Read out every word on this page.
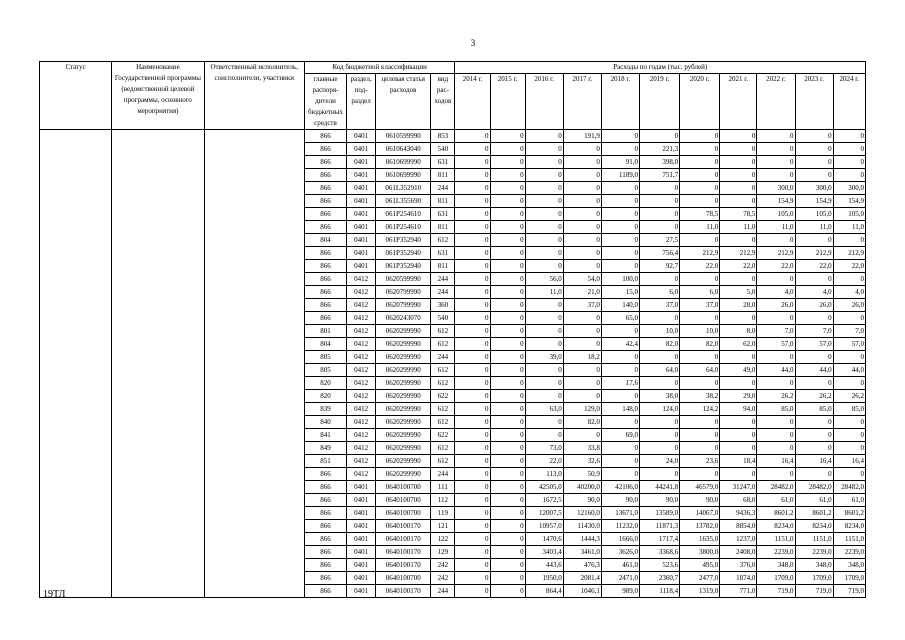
3
Статус	Наименование Государственной программы (ведомственной целевой программы, основного мероприятия)	Ответственный исполнитель, соисполнители, участники	Код бюджетной классификации				Расходы по годам (тыс. рублей)										
			главные распоря-дители бюджетных средств	раздел, под-раздел	целевая статья расходов	вид рас-ходов	2014 г.	2015 г.	2016 г.	2017 г.	2018 г.	2019 г.	2020 г.	2021 г.	2022 г.	2023 г.	2024 г.
			866	0401	0610599990	853	0	0	0	191,9	0	0	0	0	0	0	0
			866	0401	0610643040	540	0	0	0	0	0	221,3	0	0	0	0	0
			866	0401	0610699990	631	0	0	0	0	91,0	398,0	0	0	0	0	0
			866	0401	0610699990	811	0	0	0	0	1189,0	751,7	0	0	0	0	0
			866	0401	061L352910	244	0	0	0	0	0	0	0	0	300,0	300,0	300,0
			866	0401	061L355690	811	0	0	0	0	0	0	0	0	154,9	154,9	154,9
			866	0401	061P254610	631	0	0	0	0	0	0	78,5	78,5	105,0	105,0	105,0
			866	0401	061P254610	811	0	0	0	0	0	0	11,0	11,0	11,0	11,0	11,0
			804	0401	061P352940	612	0	0	0	0	0	27,5	0	0	0	0	0
			866	0401	061P352940	631	0	0	0	0	0	756,4	212,9	212,9	212,9	212,9	212,9
			866	0401	061P352940	811	0	0	0	0	0	92,7	22,0	22,0	22,0	22,0	22,0
			866	0412	0620599990	244	0	0	56,0	54,0	100,0	0	0	0	0	0	0
			866	0412	0620799990	244	0	0	11,0	21,0	15,0	6,0	6,0	5,0	4,0	4,0	4,0
			866	0412	0620799990	360	0	0	0	37,0	140,0	37,0	37,0	28,0	26,0	26,0	26,0
			866	0412	0620243070	540	0	0	0	0	65,0	0	0	0	0	0	0
			801	0412	0620299990	612	0	0	0	0	0	10,0	10,0	8,0	7,0	7,0	7,0
			804	0412	0620299990	612	0	0	0	0	42,4	82,0	82,0	62,0	57,0	57,0	57,0
			805	0412	0620299990	244	0	0	39,0	18,2	0	0	0	0	0	0	0
			805	0412	0620299990	612	0	0	0	0	0	64,0	64,0	49,0	44,0	44,0	44,0
			820	0412	0620299990	612	0	0	0	0	17,6	0	0	0	0	0	0
			820	0412	0620299990	622	0	0	0	0	0	38,0	38,2	29,0	26,2	26,2	26,2
			839	0412	0620299990	612	0	0	63,0	129,0	148,0	124,0	124,2	94,0	85,0	85,0	85,0
			840	0412	0620299990	612	0	0	0	82,0	0	0	0	0	0	0	0
			841	0412	0620299990	622	0	0	0	0	69,0	0	0	0	0	0	0
			849	0412	0620299990	612	0	0	73,0	33,8	0	0	0	0	0	0	0
			851	0412	0620299990	612	0	0	22,0	32,6	0	24,0	23,6	18,4	16,4	16,4	16,4
			866	0412	0620299990	244	0	0	113,0	50,9	0	0	0	0	0	0	0
			866	0401	0640100700	111	0	0	42505,0	40200,0	42106,0	44241,8	46579,0	31247,0	28482,0	28482,0	28482,0
			866	0401	0640100700	112	0	0	1672,5	90,0	90,0	90,0	90,0	68,0	61,0	61,0	61,0
			866	0401	0640100700	119	0	0	12007,5	12160,0	13671,0	13589,0	14067,0	9436,3	8601,2	8601,2	8601,2
			866	0401	0640100170	121	0	0	10957,0	11430,0	11232,0	11871,3	13782,0	8854,0	8234,0	8234,0	8234,0
			866	0401	0640100170	122	0	0	1470,6	1444,3	1666,0	1717,4	1635,0	1237,0	1151,0	1151,0	1151,0
			866	0401	0640100170	129	0	0	3403,4	3461,0	3626,0	3368,6	3800,0	2408,0	2239,0	2239,0	2239,0
			866	0401	0640100170	242	0	0	443,6	476,3	461,0	523,6	495,0	376,0	348,0	348,0	348,0
			866	0401	0640100700	242	0	0	1950,0	2081,4	2471,0	2360,7	2477,0	1874,0	1709,0	1709,0	1709,0
			866	0401	0640100170	244	0	0	864,4	1046,1	989,0	1118,4	1319,0	771,0	719,0	719,0	719,0
19ТЛ
